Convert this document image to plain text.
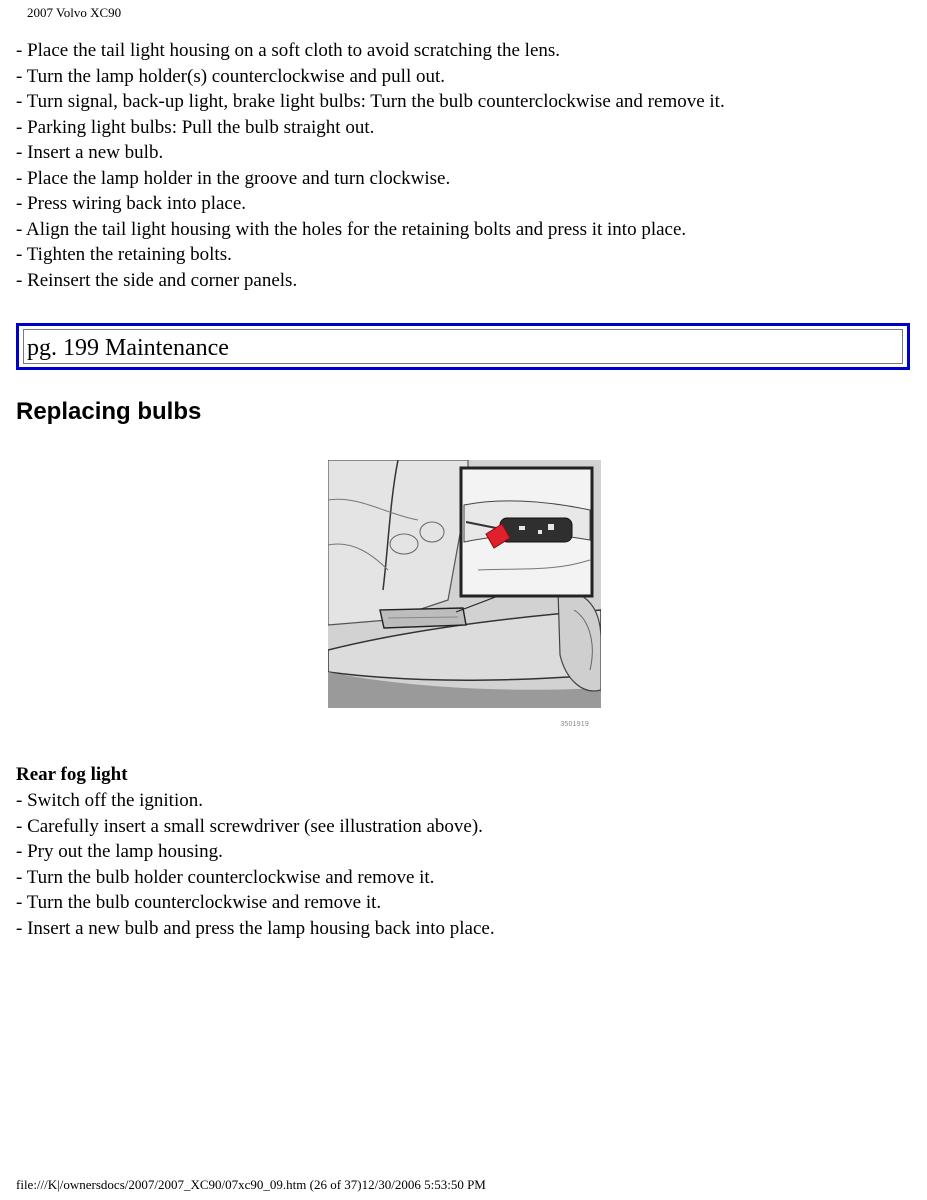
2007 Volvo XC90
- Place the tail light housing on a soft cloth to avoid scratching the lens.
- Turn the lamp holder(s) counterclockwise and pull out.
- Turn signal, back-up light, brake light bulbs: Turn the bulb counterclockwise and remove it.
- Parking light bulbs: Pull the bulb straight out.
- Insert a new bulb.
- Place the lamp holder in the groove and turn clockwise.
- Press wiring back into place.
- Align the tail light housing with the holes for the retaining bolts and press it into place.
- Tighten the retaining bolts.
- Reinsert the side and corner panels.
pg. 199 Maintenance
Replacing bulbs
3501919
Rear fog light
- Switch off the ignition.
- Carefully insert a small screwdriver (see illustration above).
- Pry out the lamp housing.
- Turn the bulb holder counterclockwise and remove it.
- Turn the bulb counterclockwise and remove it.
- Insert a new bulb and press the lamp housing back into place.
file:///K|/ownersdocs/2007/2007_XC90/07xc90_09.htm (26 of 37)12/30/2006 5:53:50 PM
